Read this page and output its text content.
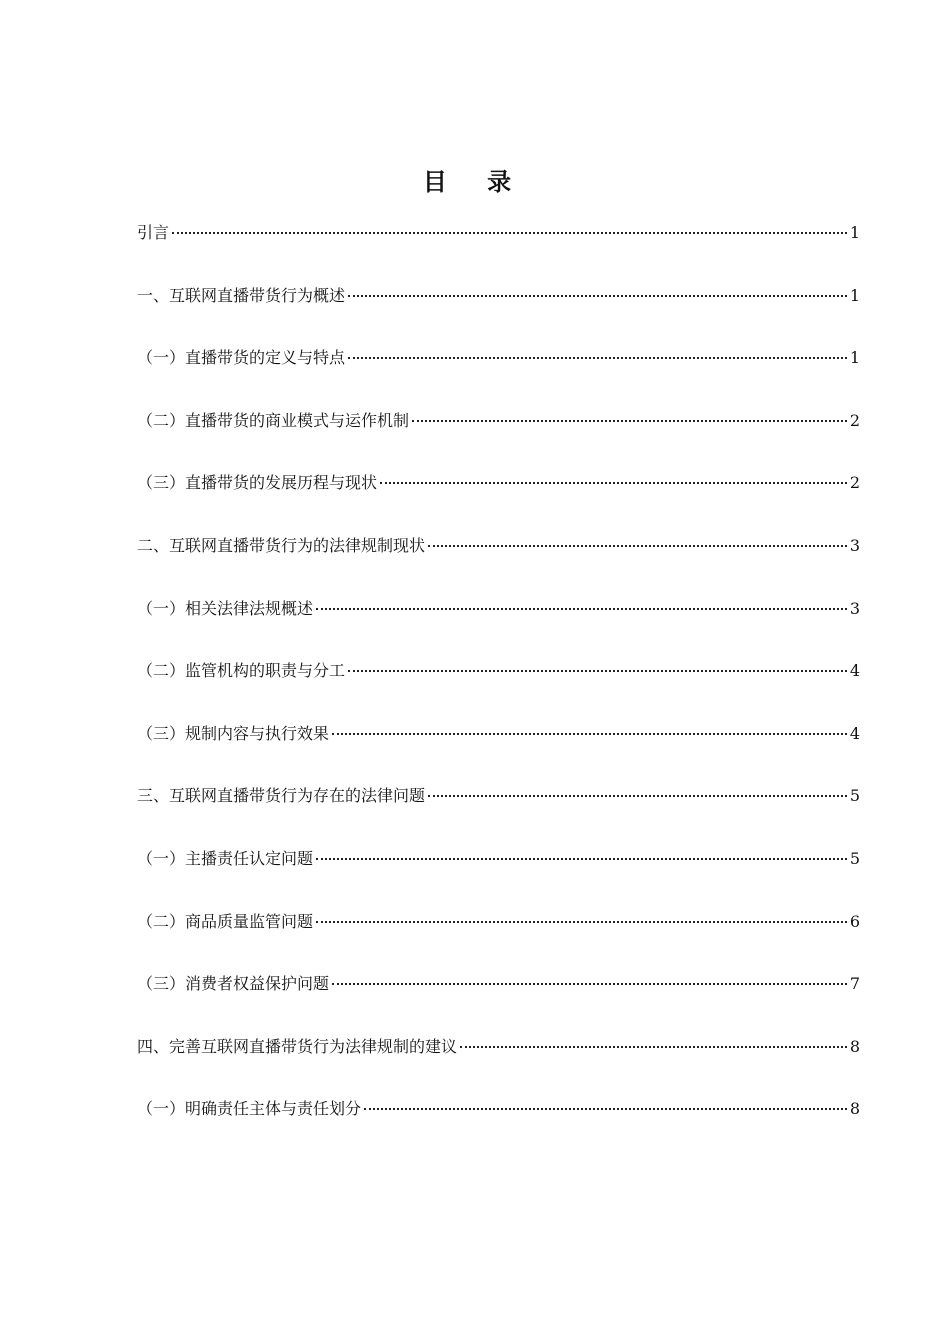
目 录
引言	1
一、互联网直播带货行为概述	1
（一）直播带货的定义与特点	1
（二）直播带货的商业模式与运作机制	2
（三）直播带货的发展历程与现状	2
二、互联网直播带货行为的法律规制现状	3
（一）相关法律法规概述	3
（二）监管机构的职责与分工	4
（三）规制内容与执行效果	4
三、互联网直播带货行为存在的法律问题	5
（一）主播责任认定问题	5
（二）商品质量监管问题	6
（三）消费者权益保护问题	7
四、完善互联网直播带货行为法律规制的建议	8
（一）明确责任主体与责任划分	8
